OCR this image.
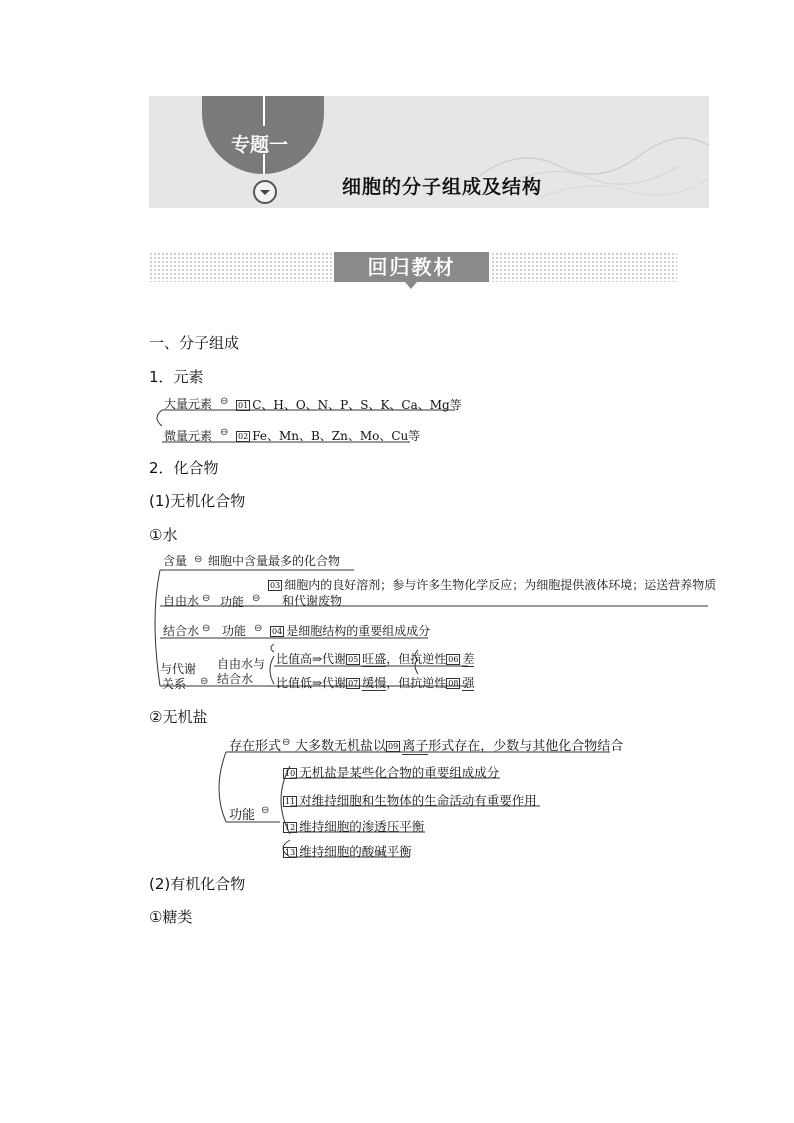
专题一
细胞的分子组成及结构
回归教材
一、分子组成
1．元素
大量元素 ⊖ 01 C、H、O、N、P、S、K、Ca、Mg等
微量元素 ⊖ 02 Fe、Mn、B、Zn、Mo、Cu等
2．化合物
(1)无机化合物
①水
含量 ⊖ 细胞中含量最多的化合物
自由水 ⊖ 功能 ⊖
03 细胞内的良好溶剂；参与许多生物化学反应；为细胞提供液体环境；运送营养物质
和代谢废物
结合水 ⊖ 功能 ⊖ 04 是细胞结构的重要组成成分
与代谢
关系 ⊖
自由水与
结合水
比值高⇒代谢 05 旺盛，但抗逆性 06 差
比值低⇒代谢 07 缓慢，但抗逆性 08 强
②无机盐
存在形式 ⊖ 大多数无机盐以 09 离子形式存在，少数与其他化合物结合
功能 ⊖
10 无机盐是某些化合物的重要组成成分
11 对维持细胞和生物体的生命活动有重要作用
12 维持细胞的渗透压平衡
13 维持细胞的酸碱平衡
(2)有机化合物
①糖类
